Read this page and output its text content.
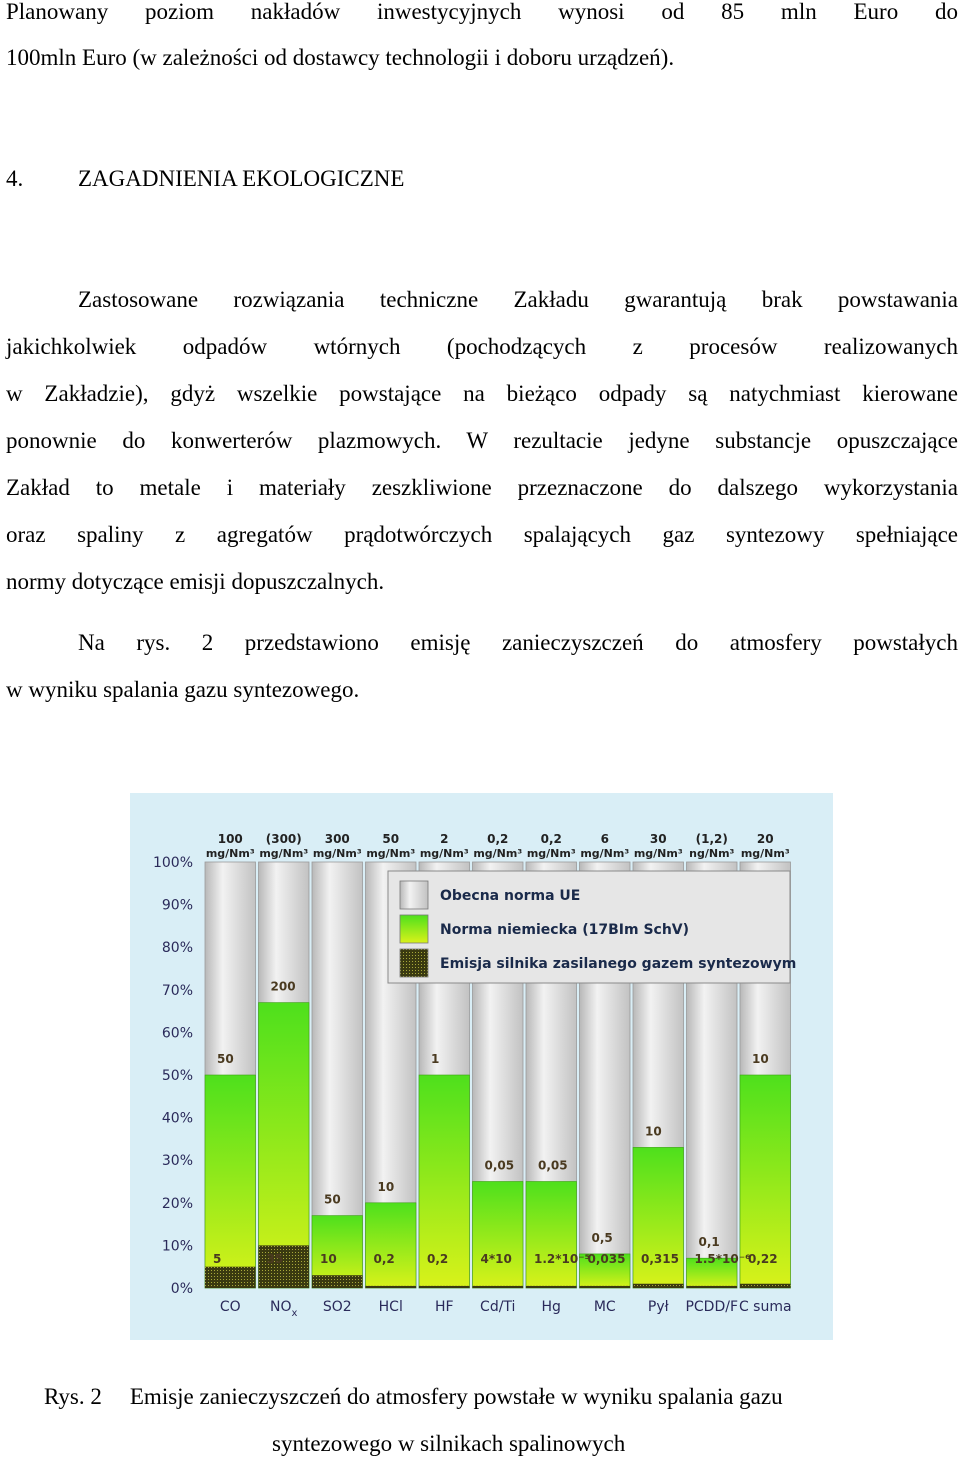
Planowany poziom nakładów inwestycyjnych wynosi od 85 mln Euro do
100mln Euro (w zależności od dostawcy technologii i doboru urządzeń).
4. ZAGADNIENIA EKOLOGICZNE
Zastosowane rozwiązania techniczne Zakładu gwarantują brak powstawania
jakichkolwiek odpadów wtórnych (pochodzących z procesów realizowanych
w Zakładzie), gdyż wszelkie powstające na bieżąco odpady są natychmiast kierowane
ponownie do konwerterów plazmowych. W rezultacie jedyne substancje opuszczające
Zakład to metale i materiały zeszkliwione przeznaczone do dalszego wykorzystania
oraz spaliny z agregatów prądotwórczych spalających gaz syntezowy spełniające
normy dotyczące emisji dopuszczalnych.
Na rys. 2 przedstawiono emisję zanieczyszczeń do atmosfery powstałych
w wyniku spalania gazu syntezowego.
0%
10%
20%
30%
40%
50%
60%
70%
80%
90%
100%
CO $NO_x$ SO2 HCl HF Cd/Ti Hg MC Pył PCDD/F C suma
100
mg/Nm³
(300)
mg/Nm³
300
mg/Nm³
50
mg/Nm³
2
mg/Nm³
0,2
mg/Nm³
0,2
mg/Nm³
6
mg/Nm³
30
mg/Nm³
(1,2)
ng/Nm³
20
mg/Nm³
50
5
200
35
50
10
10
0,2
1
0,2
0,05
4*10
0,05
1.2*10⁻⁵
0,5
0,035
10
0,315
0,1
1.5*10⁻⁶
10
0,22
Obecna norma UE
Norma niemiecka (17BIm SchV)
Emisja silnika zasilanego gazem syntezowym
Rys. 2 Emisje zanieczyszczeń do atmosfery powstałe w wyniku spalania gazu
syntezowego w silnikach spalinowych
